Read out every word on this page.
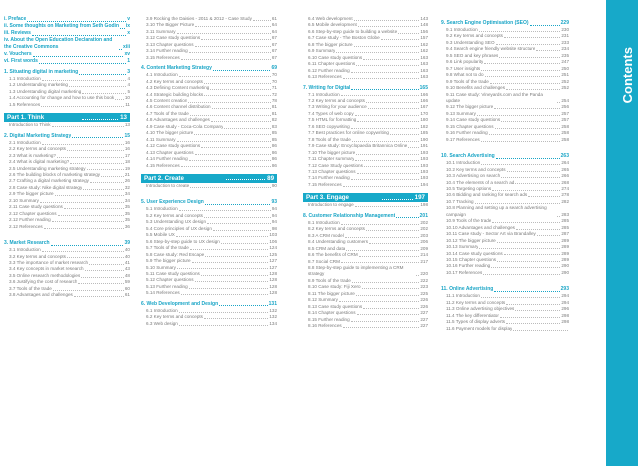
i. Preface	v
ii. Some thoughts on Marketing from Seth Godin ix
iii. Reviews	x
iv. About the Open Education Declaration and the Creative Commons	xiii
v. Vouchers	xv
vi. First words	1
1. Situating digital in marketing	3
1.1 Introduction	4
1.2 Understanding marketing	4
1.3 Understanding digital marketing	5
1.4 Accounting for change and how to use this book 10
1.5 References	11
Part 1. Think	13
Introduction to Think	13
2. Digital Marketing Strategy	15
2.1 Introduction	16
2.2 Key terms and concepts	16
2.3 What is marketing?	17
2.4 What is digital marketing?	18
2.5 Understanding marketing strategy	19
2.6 The building blocks of marketing strategy	21
2.7 Crafting a digital marketing strategy	26
2.8 Case study: Nike digital strategy	32
2.9 The bigger picture	34
2.10 Summary	34
2.11 Case study questions	35
2.12 Chapter questions	35
2.12 Further reading	35
2.12 References	36
3. Market Research	39
3.1 Introduction	40
3.2 Key terms and concepts	40
3.3 The importance of market research	41
3.4 Key concepts in market research	43
3.5 Online research methodologies	48
3.6 Justifying the cost of research	59
3.7 Tools of the trade	60
3.8 Advantages and challenges	61
3.9 Rocking the Daisies - 2011 & 2012 - Case Study	61
3.10 The Bigger Picture	64
3.11 Summary	64
3.12 Case study questions	67
3.13 Chapter questions	67
3.14 Further reading	67
3.15 References	67
4. Content Marketing Strategy	69
4.1 Introduction	70
4.2 Key terms and concepts	70
4.3 Defining Content marketing	71
4.4 Strategic building blocks	72
4.5 Content creation	78
4.6 Content channel distribution	81
4.7 Tools of the trade	81
4.8 Advantages and challenges	82
4.9 Case study - Coca-Cola Company	83
4.10 The bigger picture	85
4.11 Summary	85
4.12 Case study questions	86
4.13 Chapter questions	86
4.14 Further reading	86
4.15 References	86
Part 2. Create	89
Introduction to create	90
5. User Experience Design	93
5.1 Introduction	94
5.2 Key terms and concepts	94
5.3 Understanding UX design	94
5.4 Core principles of UX design	98
5.5 Mobile UX	103
5.6 Step-by-step guide to UX design	106
5.7 Tools of the trade	124
5.8 Case study: Red Escape	125
5.9 The bigger picture	127
5.10 Summary	127
5.11 Case study questions	128
5.12 Chapter questions	128
5.13 Further reading	128
5.14 References	128
6. Web Development and Design	131
6.1 Introduction	132
6.2 Key terms and concepts	132
6.3 Web design	134
6.4 Web development	143
6.5 Mobile development	148
6.6 Step-by-step guide to building a website	156
6.7 Case study - The Boston Globe	157
6.8 The bigger picture	162
6.9 Summary	162
6.10 Case study questions	163
6.11 Chapter questions	163
6.12 Further reading	163
6.13 References	163
7. Writing for Digital	165
7.1 Introduction	166
7.2 Key terms and concepts	166
7.3 Writing for your audience	167
7.4 Types of web copy	170
7.5 HTML for formatting	180
7.6 SEO copywriting	182
7.7 Best practices for online copywriting	185
7.8 Tools of the trade	190
7.9 Case study: Encyclopaedia Britannica Online	191
7.10 The bigger picture	193
7.11 Chapter summary	193
7.12 Case Study questions	193
7.13 Chapter questions	193
7.14 Further reading	193
7.15 References	194
Part 3. Engage	197
Introduction to engage	198
8. Customer Relationship Management	201
8.1 Introduction	202
8.2 Key terms and concepts	202
8.3 A CRM model	203
8.4 Understanding customers	206
8.5 CRM and data	209
8.6 The benefits of CRM	214
8.7 Social CRM	217
8.8 Step-by-step guide to implementing a CRM strategy	220
8.9 Tools of the trade	222
8.10 Case study: Fiji Xero	223
8.11 The bigger picture	225
8.12 Summary	226
8.13 Case study questions	226
8.14 Chapter questions	227
8.15 Further reading	227
8.16 References	227
9. Search Engine Optimisation (SEO)	229
9.1 Introduction	230
9.2 Key terms and concepts	231
9.3 Understanding SEO	233
9.4 Search engine friendly website structure	234
9.5 SEO and key phrases	235
9.6 Link popularity	247
9.7 User insights	250
9.8 What not to do	251
9.9 Tools of the trade	252
9.10 Benefits and challenges	252
9.11 Case study: Vineyards.com and the Panda update	254
9.12 The bigger picture	256
9.13 Summary	257
9.14 Case study questions	257
9.15 Chapter questions	258
9.16 Further reading	258
9.17 References	258
10. Search Advertising	263
10.1 Introduction	264
10.2 Key terms and concepts	265
10.3 Advertising on search	266
10.4 The elements of a search ad	268
10.5 Targeting options	274
10.6 Bidding and ranking for search ads	278
10.7 Tracking	282
10.8 Planning and setting up a search advertising campaign	283
10.9 Tools of the trade	285
10.10 Advantages and challenges	285
10.11 Case study - Sector Art via Brandalley	287
10.12 The bigger picture	289
10.13 Summary	289
10.14 Case study questions	289
10.15 Chapter questions	289
10.16 Further reading	290
10.17 References	290
11. Online Advertising	293
11.1 Introduction	294
11.2 Key terms and concepts	294
11.3 Online advertising objectives	296
11.4 The key differentiator	298
11.5 Types of display adverts	298
11.6 Payment models for display
Contents
